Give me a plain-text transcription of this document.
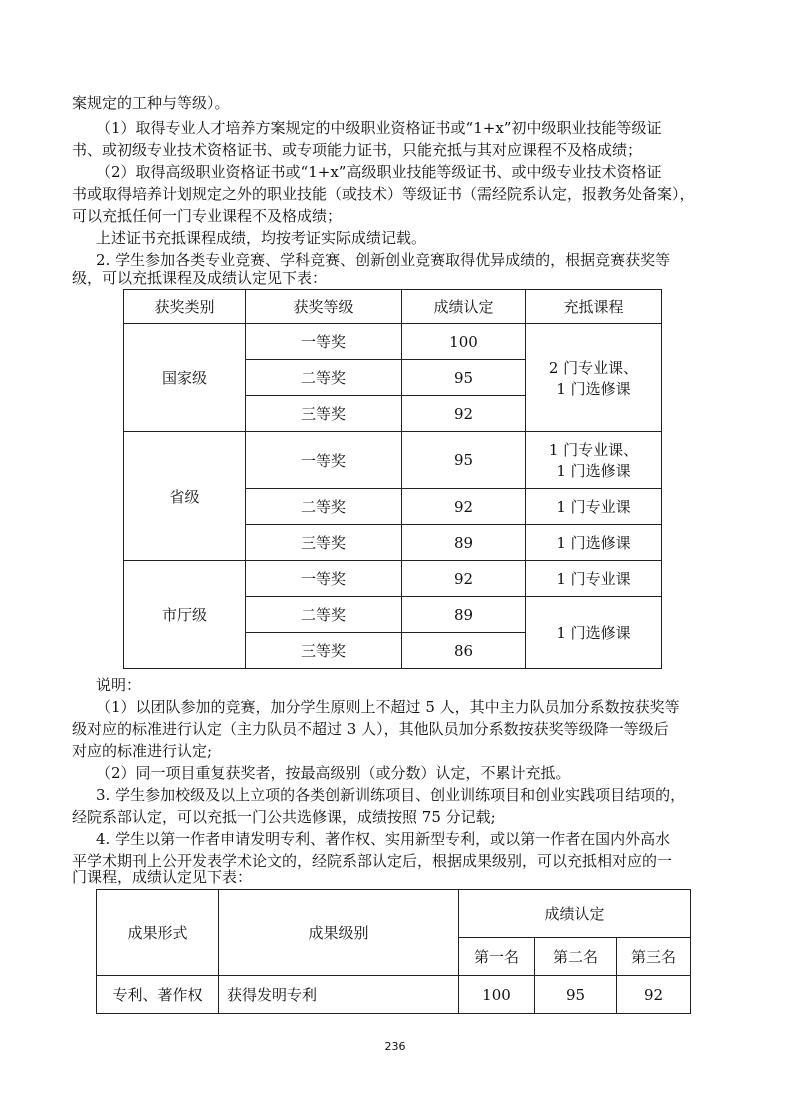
案规定的工种与等级）。
（1）取得专业人才培养方案规定的中级职业资格证书或“1+x”初中级职业技能等级证
书、或初级专业技术资格证书、或专项能力证书，只能充抵与其对应课程不及格成绩；
（2）取得高级职业资格证书或“1+x”高级职业技能等级证书、或中级专业技术资格证
书或取得培养计划规定之外的职业技能（或技术）等级证书（需经院系认定，报教务处备案），
可以充抵任何一门专业课程不及格成绩；
上述证书充抵课程成绩，均按考证实际成绩记载。
2. 学生参加各类专业竞赛、学科竞赛、创新创业竞赛取得优异成绩的，根据竞赛获奖等
级，可以充抵课程及成绩认定见下表：
获奖类别	获奖等级	成绩认定	充抵课程
国家级	一等奖	100	2 门专业课、
1 门选修课

	二等奖	95	
	三等奖	92	
省级	一等奖	95	1 门专业课、
1 门选修课

	二等奖	92	1 门专业课
	三等奖	89	1 门选修课
市厅级	一等奖	92	1 门专业课
	二等奖	89	1 门选修课
	三等奖	86	
说明：
（1）以团队参加的竞赛，加分学生原则上不超过 5 人，其中主力队员加分系数按获奖等
级对应的标准进行认定（主力队员不超过 3 人），其他队员加分系数按获奖等级降一等级后
对应的标准进行认定;
（2）同一项目重复获奖者，按最高级别（或分数）认定，不累计充抵。
3. 学生参加校级及以上立项的各类创新训练项目、创业训练项目和创业实践项目结项的，
经院系部认定，可以充抵一门公共选修课，成绩按照 75 分记载;
4. 学生以第一作者申请发明专利、著作权、实用新型专利，或以第一作者在国内外高水
平学术期刊上公开发表学术论文的，经院系部认定后，根据成果级别，可以充抵相对应的一
门课程，成绩认定见下表：
成果形式	成果级别	成绩认定		
		第一名	第二名	第三名
专利、著作权	获得发明专利	100	95	92
236
